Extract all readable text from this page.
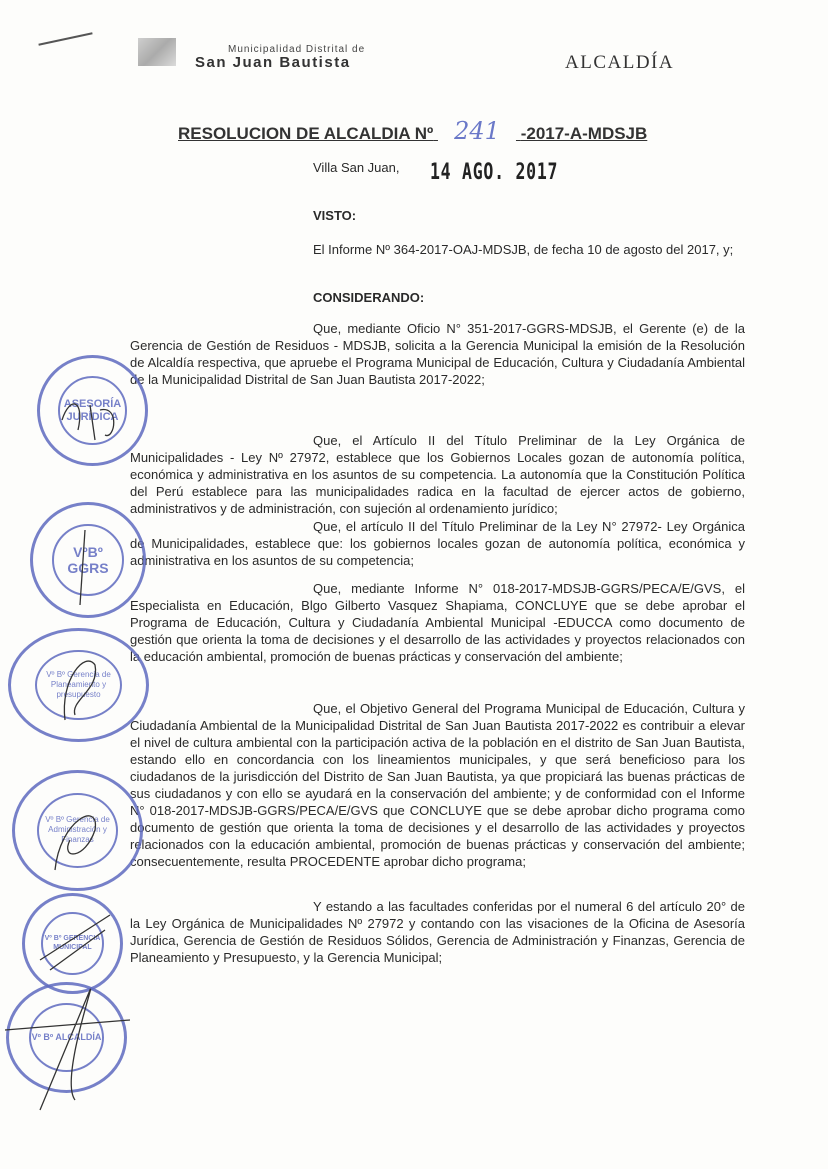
Municipalidad Distrital de
San Juan Bautista	ALCALDÍA
RESOLUCION DE ALCALDIA Nº 241 -2017-A-MDSJB
Villa San Juan, 14 AGO. 2017
VISTO:
El Informe Nº 364-2017-OAJ-MDSJB, de fecha 10 de agosto del 2017, y;
CONSIDERANDO:
Que, mediante Oficio N° 351-2017-GGRS-MDSJB, el Gerente (e) de la Gerencia de Gestión de Residuos - MDSJB, solicita a la Gerencia Municipal la emisión de la Resolución de Alcaldía respectiva, que apruebe el Programa Municipal de Educación, Cultura y Ciudadanía Ambiental de la Municipalidad Distrital de San Juan Bautista 2017-2022;
Que, el Artículo II del Título Preliminar de la Ley Orgánica de Municipalidades - Ley Nº 27972, establece que los Gobiernos Locales gozan de autonomía política, económica y administrativa en los asuntos de su competencia. La autonomía que la Constitución Política del Perú establece para las municipalidades radica en la facultad de ejercer actos de gobierno, administrativos y de administración, con sujeción al ordenamiento jurídico;
Que, el artículo II del Título Preliminar de la Ley N° 27972- Ley Orgánica de Municipalidades, establece que: los gobiernos locales gozan de autonomía política, económica y administrativa en los asuntos de su competencia;
Que, mediante Informe N° 018-2017-MDSJB-GGRS/PECA/E/GVS, el Especialista en Educación, Blgo Gilberto Vasquez Shapiama, CONCLUYE que se debe aprobar el Programa de Educación, Cultura y Ciudadanía Ambiental Municipal -EDUCCA como documento de gestión que orienta la toma de decisiones y el desarrollo de las actividades y proyectos relacionados con la educación ambiental, promoción de buenas prácticas y conservación del ambiente;
Que, el Objetivo General del Programa Municipal de Educación, Cultura y Ciudadanía Ambiental de la Municipalidad Distrital de San Juan Bautista 2017-2022 es contribuir a elevar el nivel de cultura ambiental con la participación activa de la población en el distrito de San Juan Bautista, estando ello en concordancia con los lineamientos municipales, y que será beneficioso para los ciudadanos de la jurisdicción del Distrito de San Juan Bautista, ya que propiciará las buenas prácticas de sus ciudadanos y con ello se ayudará en la conservación del ambiente; y de conformidad con el Informe N° 018-2017-MDSJB-GGRS/PECA/E/GVS que CONCLUYE que se debe aprobar dicho programa como documento de gestión que orienta la toma de decisiones y el desarrollo de las actividades y proyectos relacionados con la educación ambiental, promoción de buenas prácticas y conservación del ambiente; consecuentemente, resulta PROCEDENTE aprobar dicho programa;
Y estando a las facultades conferidas por el numeral 6 del artículo 20° de la Ley Orgánica de Municipalidades Nº 27972 y contando con las visaciones de la Oficina de Asesoría Jurídica, Gerencia de Gestión de Residuos Sólidos, Gerencia de Administración y Finanzas, Gerencia de Planeamiento y Presupuesto, y la Gerencia Municipal;
ASESORÍA JURÍDICA
VºBº GGRS
Vº Bº Gerencia de Planeamiento y presupuesto
Vº Bº Gerencia de Administración y Finanzas
Vº Bº GERENCIA MUNICIPAL
Vº Bº ALCALDÍA
